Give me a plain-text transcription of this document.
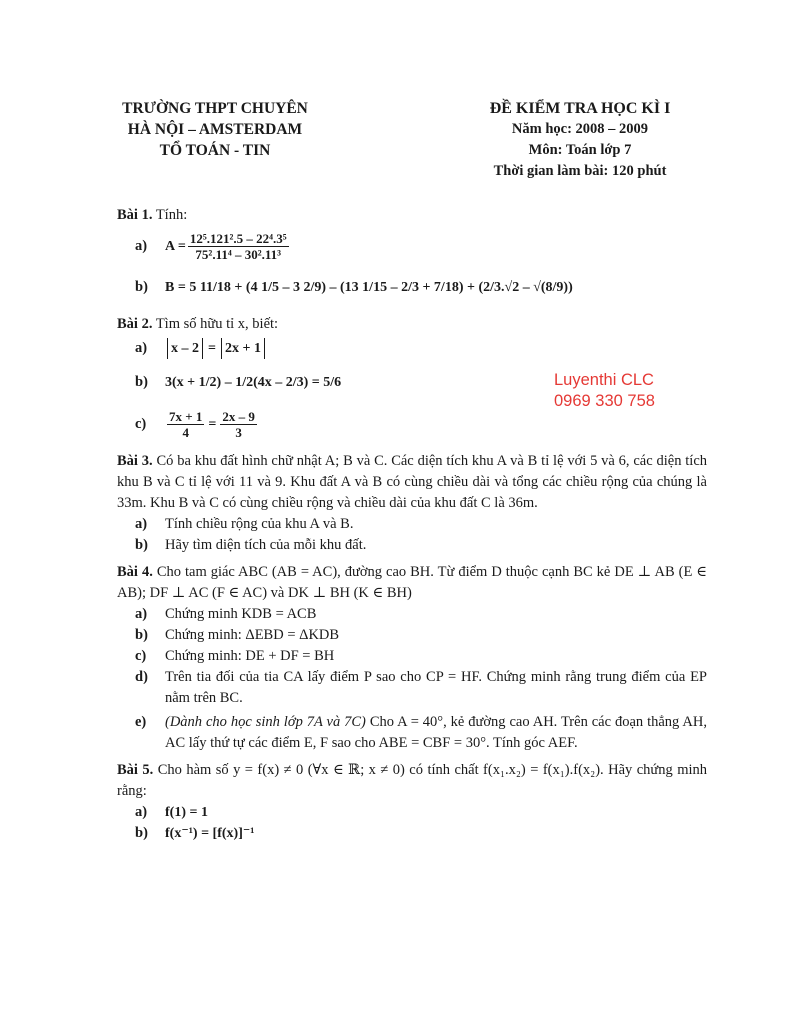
TRƯỜNG THPT CHUYÊN
HÀ NỘI – AMSTERDAM
TỔ TOÁN - TIN
ĐỀ KIỂM TRA HỌC KÌ I
Năm học: 2008 – 2009
Môn: Toán lớp 7
Thời gian làm bài: 120 phút
Luyenthi CLC
0969 330 758
Bài 1. Tính:
a)	$A = \frac{\text{12⁵.121².5 – 22⁴.3⁵}}{\text{75².11⁴ – 30².11³}}$
b)	B = 5 11/18 + (4 1/5 – 3 2/9) – (13 1/15 – 2/3 + 7/18) + (2/3.√2 – √(8/9))
Bài 2. Tìm số hữu tỉ x, biết:
a)	x – 2 = 2x + 1
b)	3(x + 1/2) – 1/2(4x – 2/3) = 5/6
c)	$\frac{7x + 1}{4} = \frac{2x - 9}{3}$
Bài 3. Có ba khu đất hình chữ nhật A; B và C. Các diện tích khu A và B tỉ lệ với 5 và 6, các diện tích khu B và C tỉ lệ với 11 và 9. Khu đất A và B có cùng chiều dài và tổng các chiều rộng của chúng là 33m. Khu B và C có cùng chiều rộng và chiều dài của khu đất C là 36m.
a)	Tính chiều rộng của khu A và B.
b)	Hãy tìm diện tích của mỗi khu đất.
Bài 4. Cho tam giác ABC (AB = AC), đường cao BH. Từ điểm D thuộc cạnh BC kẻ DE ⊥ AB (E ∈ AB); DF ⊥ AC (F ∈ AC) và DK ⊥ BH (K ∈ BH)
a)	Chứng minh KDB = ACB
b)	Chứng minh: ΔEBD = ΔKDB
c)	Chứng minh: DE + DF = BH
d)	Trên tia đối của tia CA lấy điểm P sao cho CP = HF. Chứng minh rằng trung điểm của EP nằm trên BC.
e)	(Dành cho học sinh lớp 7A và 7C) Cho A = 40°, kẻ đường cao AH. Trên các đoạn thẳng AH, AC lấy thứ tự các điểm E, F sao cho ABE = CBF = 30°. Tính góc AEF.
Bài 5. Cho hàm số y = f(x) ≠ 0 (∀x ∈ ℝ; x ≠ 0) có tính chất f(x₁.x₂) = f(x₁).f(x₂). Hãy chứng minh rằng:
a)	f(1) = 1
b)	f(x⁻¹) = [f(x)]⁻¹
